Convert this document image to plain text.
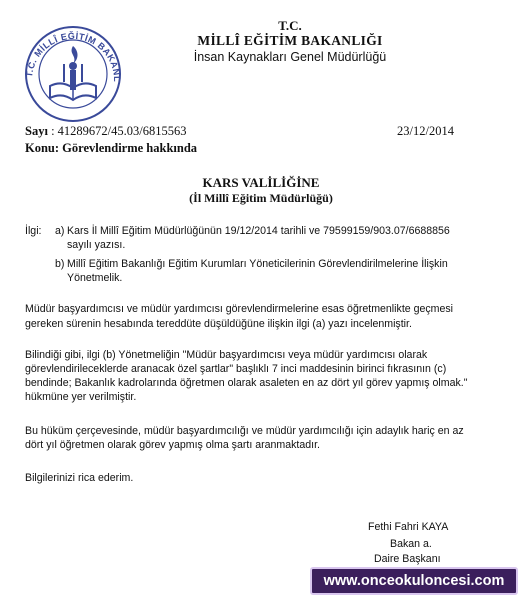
T.C. MİLLÎ EĞİTİM BAKANL
T.C.
MİLLÎ EĞİTİM BAKANLIĞI
İnsan Kaynakları Genel Müdürlüğü
Sayı : 41289672/45.03/6815563	23/12/2014
Konu: Görevlendirme hakkında
KARS VALİLİĞİNE
(İl Millî Eğitim Müdürlüğü)
İlgi: a) Kars İl Millî Eğitim Müdürlüğünün 19/12/2014 tarihli ve 79599159/903.07/6688856
sayılı yazısı.
b) Millî Eğitim Bakanlığı Eğitim Kurumları Yöneticilerinin Görevlendirilmelerine İlişkin
Yönetmelik.
Müdür başyardımcısı ve müdür yardımcısı görevlendirmelerine esas öğretmenlikte geçmesi
gereken sürenin hesabında tereddüte düşüldüğüne ilişkin ilgi (a) yazı incelenmiştir.
Bilindiği gibi, ilgi (b) Yönetmeliğin "Müdür başyardımcısı veya müdür yardımcısı olarak
görevlendirileceklerde aranacak özel şartlar" başlıklı 7 inci maddesinin birinci fıkrasının (c)
bendinde; Bakanlık kadrolarında öğretmen olarak asaleten en az dört yıl görev yapmış olmak."
hükmüne yer verilmiştir.
Bu hüküm çerçevesinde, müdür başyardımcılığı ve müdür yardımcılığı için adaylık hariç en az
dört yıl öğretmen olarak görev yapmış olma şartı aranmaktadır.
Bilgilerinizi rica ederim.
Fethi Fahri KAYA
Bakan a.
Daire Başkanı
www.onceokuloncesi.com
